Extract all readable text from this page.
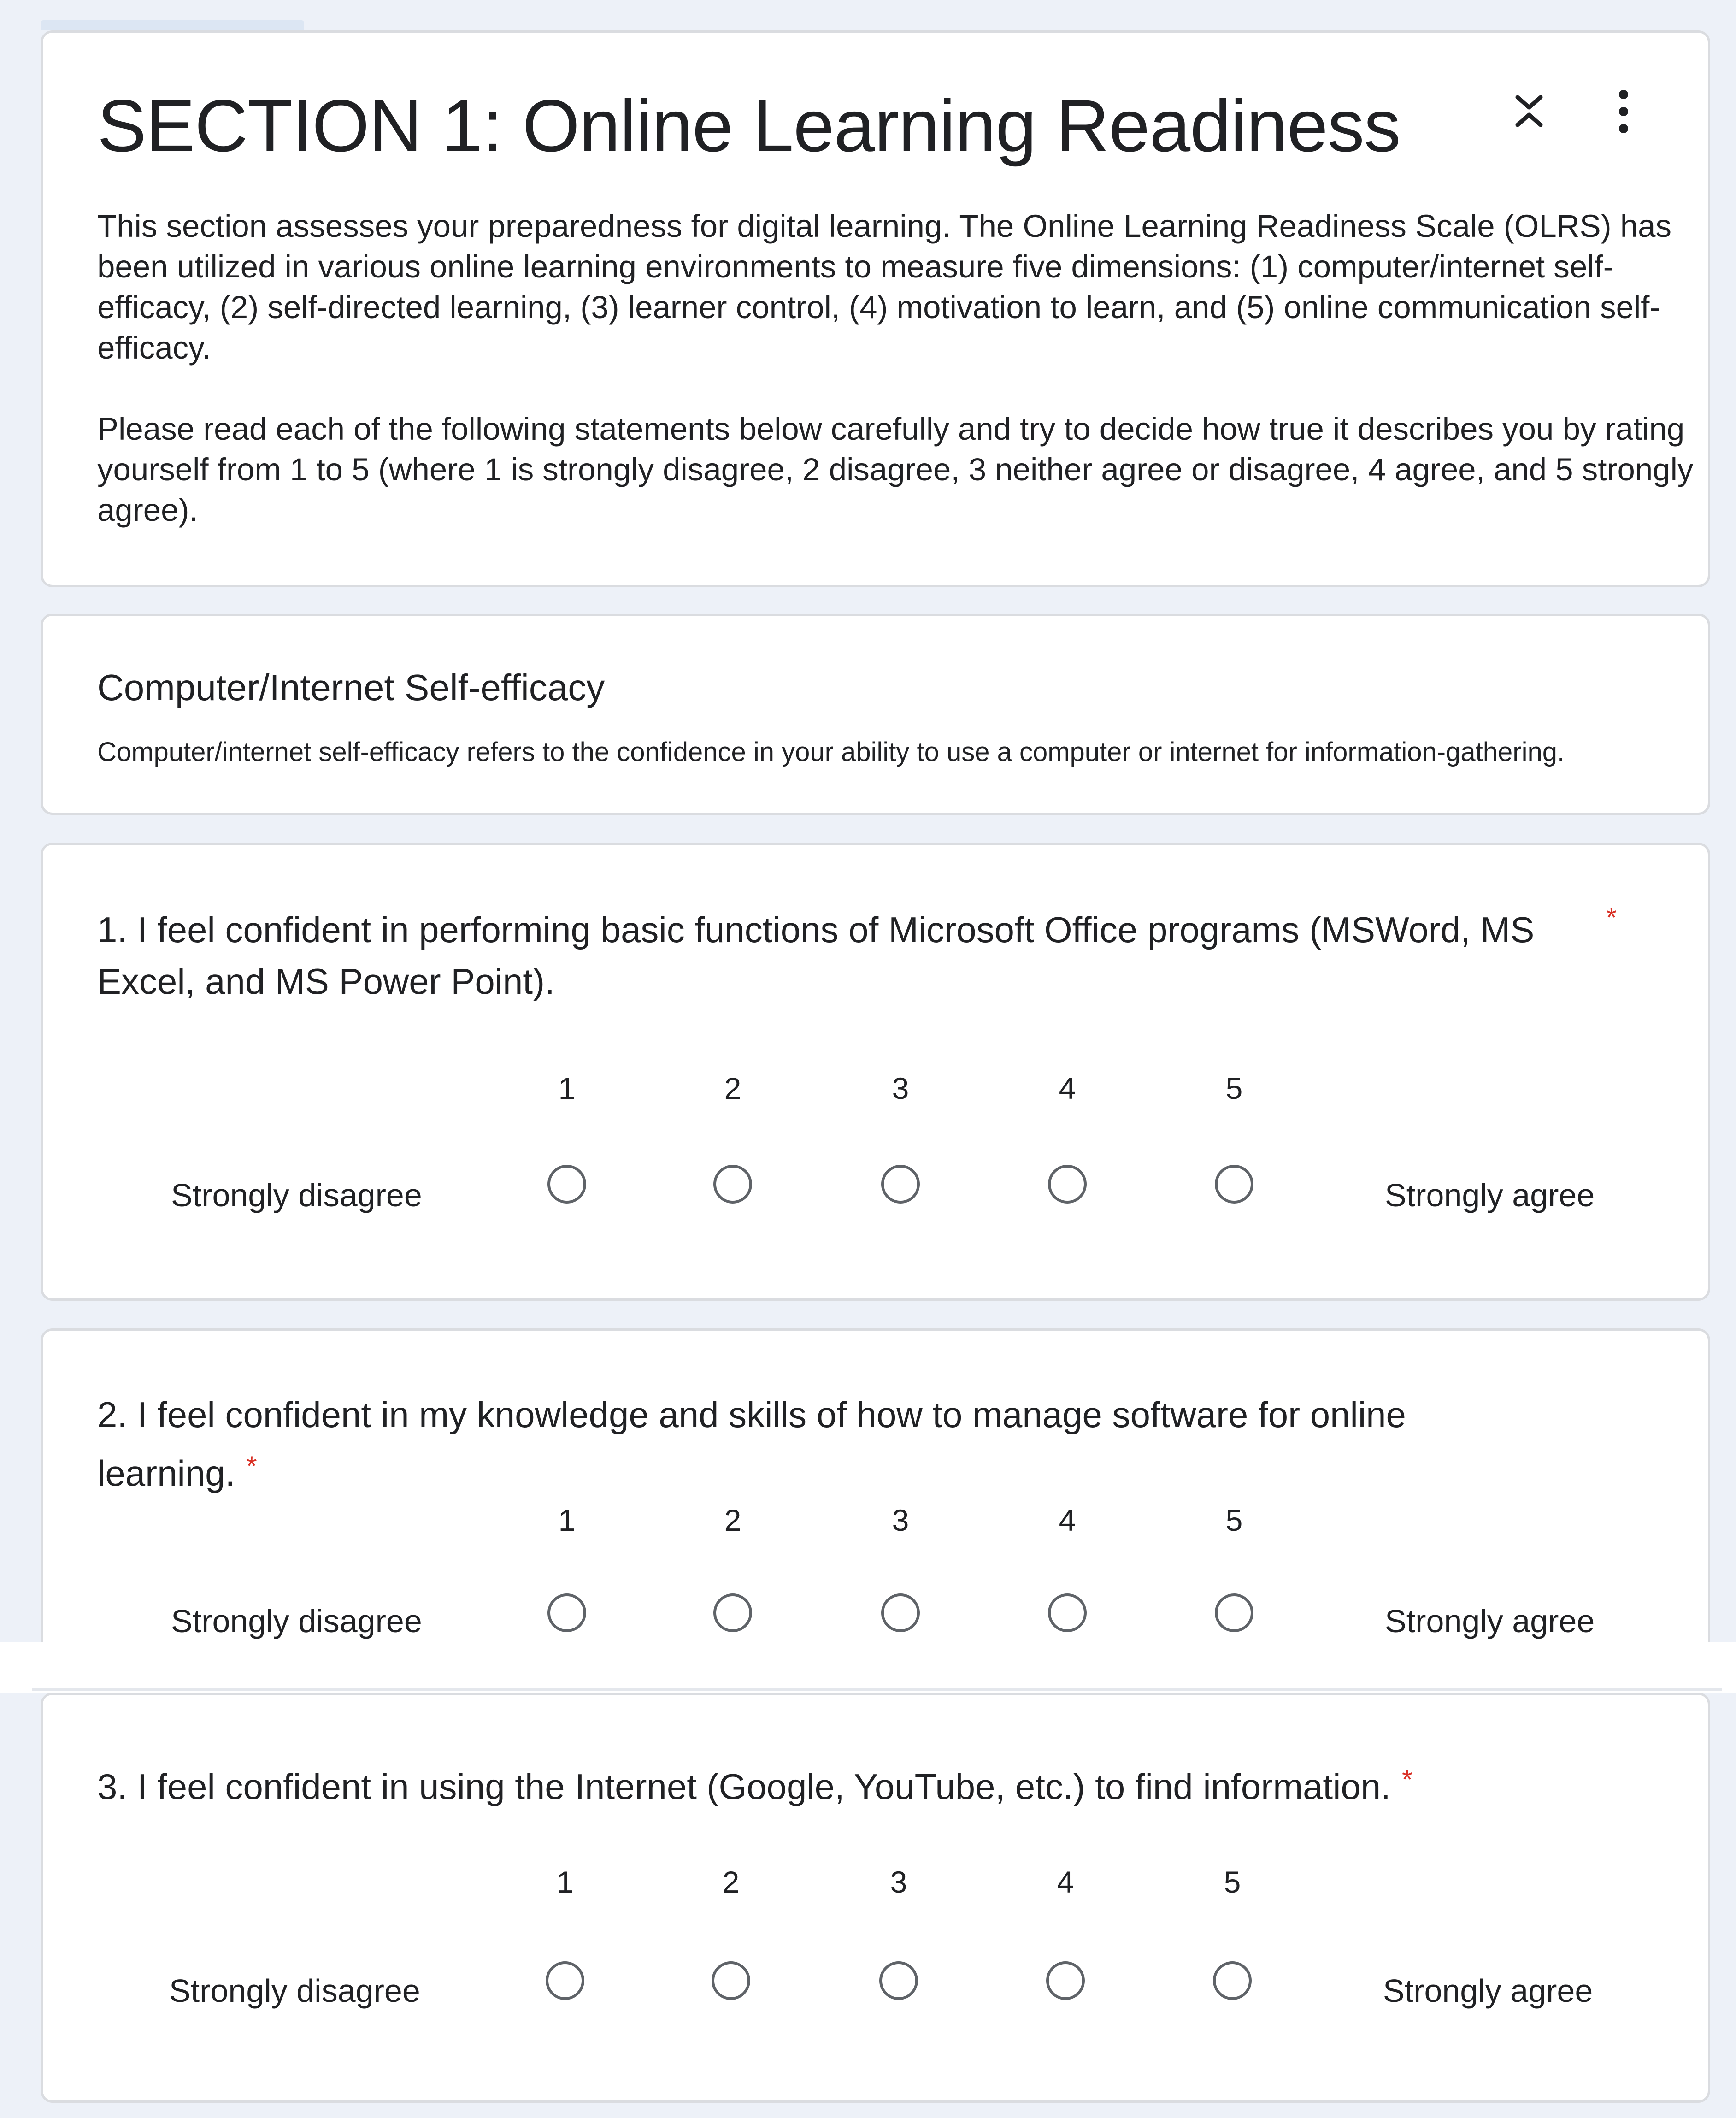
SECTION 1: Online Learning Readiness
This section assesses your preparedness for digital learning. The Online Learning Readiness Scale (OLRS) has been utilized in various online learning environments to measure five dimensions: (1) computer/internet self-efficacy, (2) self-directed learning, (3) learner control, (4) motivation to learn, and (5) online communication self-efficacy.
Please read each of the following statements below carefully and try to decide how true it describes you by rating yourself from 1 to 5 (where 1 is strongly disagree, 2 disagree, 3 neither agree or disagree, 4 agree, and 5 strongly agree).
Computer/Internet Self-efficacy
Computer/internet self-efficacy refers to the confidence in your ability to use a computer or internet for information-gathering.
1. I feel confident in performing basic functions of Microsoft Office programs (MSWord, MS Excel, and MS Power Point).
*
1	2	3	4	5
Strongly disagree	Strongly agree
2. I feel confident in my knowledge and skills of how to manage software for online learning. *
1	2	3	4	5
Strongly disagree	Strongly agree
3. I feel confident in using the Internet (Google, YouTube, etc.) to find information. *
1	2	3	4	5
Strongly disagree	Strongly agree
